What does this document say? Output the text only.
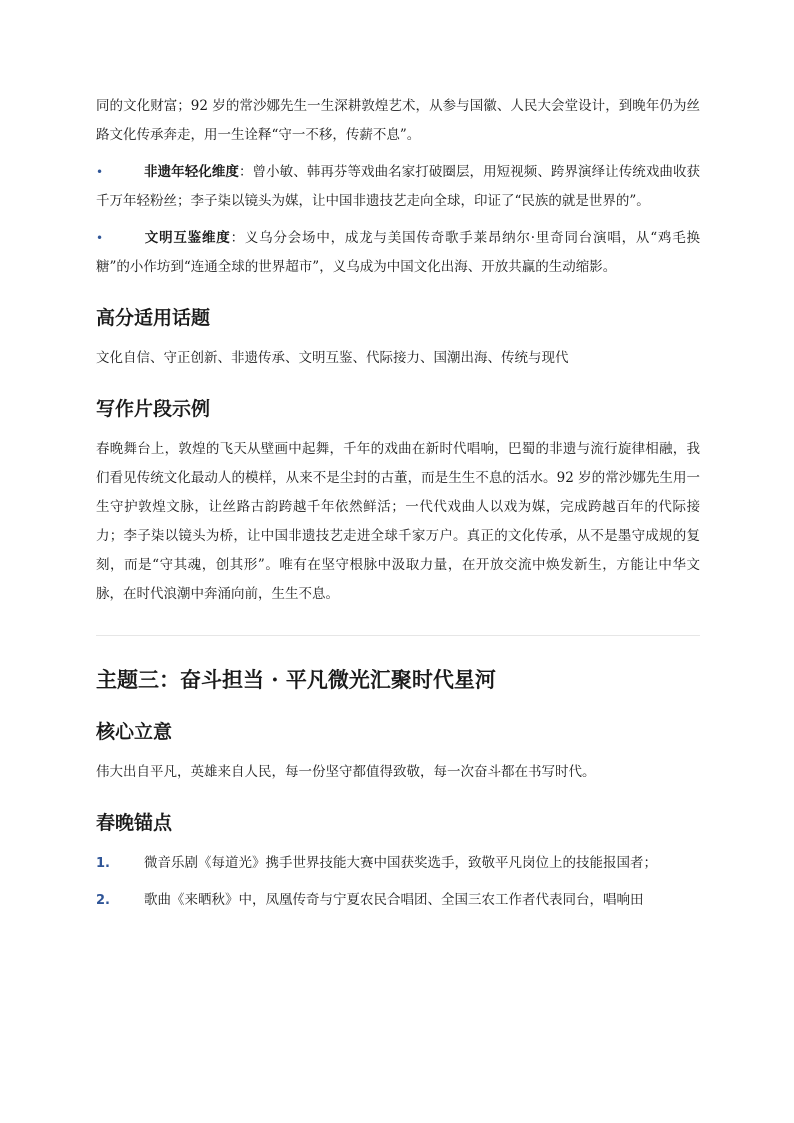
同的文化财富；92 岁的常沙娜先生一生深耕敦煌艺术，从参与国徽、人民大会堂设计，到晚年仍为丝路文化传承奔走，用一生诠释“守一不移，传薪不息”。

•	非遗年轻化维度：曾小敏、韩再芬等戏曲名家打破圈层，用短视频、跨界演绎让传统戏曲收获千万年轻粉丝；李子柒以镜头为媒，让中国非遗技艺走向全球，印证了“民族的就是世界的”。
•	文明互鉴维度：义乌分会场中，成龙与美国传奇歌手莱昂纳尔·里奇同台演唱，从“鸡毛换糖”的小作坊到“连通全球的世界超市”，义乌成为中国文化出海、开放共赢的生动缩影。
高分适用话题

文化自信、守正创新、非遗传承、文明互鉴、代际接力、国潮出海、传统与现代

写作片段示例

春晚舞台上，敦煌的飞天从壁画中起舞，千年的戏曲在新时代唱响，巴蜀的非遗与流行旋律相融，我们看见传统文化最动人的模样，从来不是尘封的古董，而是生生不息的活水。92 岁的常沙娜先生用一生守护敦煌文脉，让丝路古韵跨越千年依然鲜活；一代代戏曲人以戏为媒，完成跨越百年的代际接力；李子柒以镜头为桥，让中国非遗技艺走进全球千家万户。真正的文化传承，从不是墨守成规的复刻，而是“守其魂，创其形”。唯有在坚守根脉中汲取力量，在开放交流中焕发新生，方能让中华文脉，在时代浪潮中奔涌向前，生生不息。

主题三：奋斗担当 · 平凡微光汇聚时代星河
核心立意

伟大出自平凡，英雄来自人民，每一份坚守都值得致敬，每一次奋斗都在书写时代。

春晚锚点
1.	微音乐剧《每道光》携手世界技能大赛中国获奖选手，致敬平凡岗位上的技能报国者；
2.	歌曲《来晒秋》中，凤凰传奇与宁夏农民合唱团、全国三农工作者代表同台，唱响田
